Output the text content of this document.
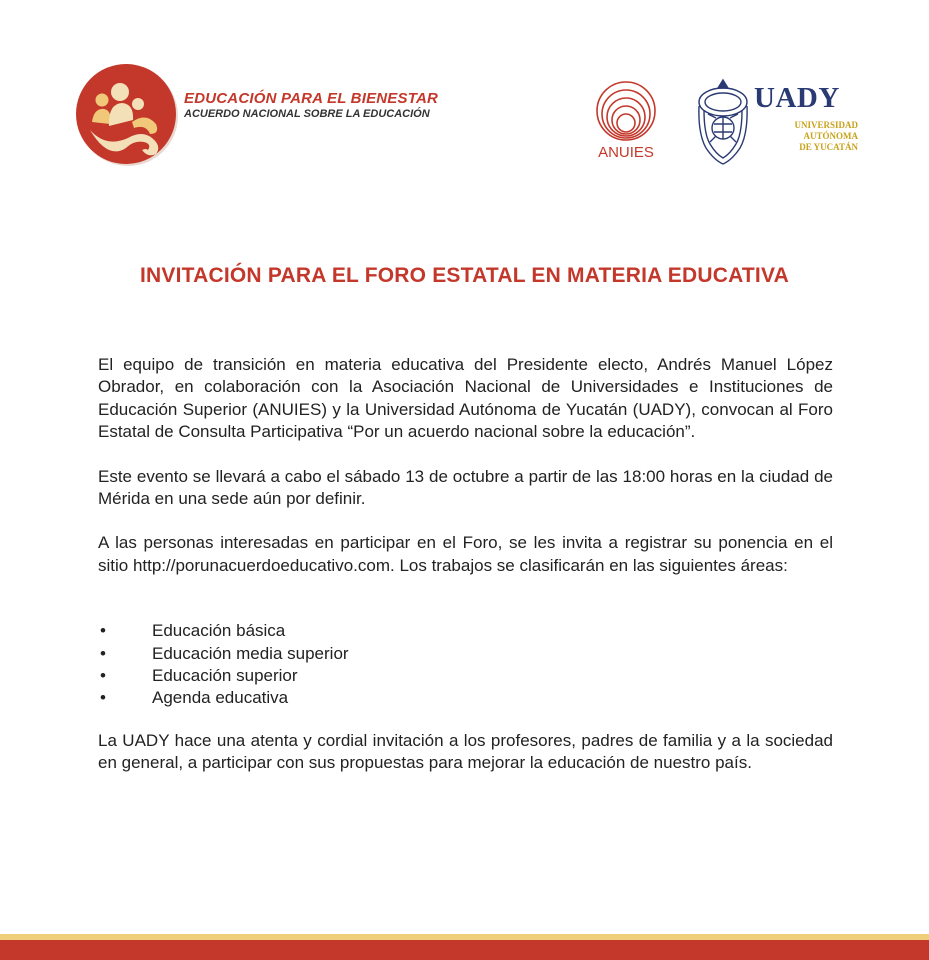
EDUCACIÓN PARA EL BIENESTAR
ACUERDO NACIONAL SOBRE LA EDUCACIÓN
ANUIES
UADY
UNIVERSIDAD
AUTÓNOMA
DE YUCATÁN
INVITACIÓN PARA EL FORO ESTATAL EN MATERIA EDUCATIVA

El equipo de transición en materia educativa del Presidente electo, Andrés Manuel López Obrador, en colaboración con la Asociación Nacional de Universidades e Instituciones de Educación Superior (ANUIES) y la Universidad Autónoma de Yucatán (UADY), convocan al Foro Estatal de Consulta Participativa “Por un acuerdo nacional sobre la educación”.

Este evento se llevará a cabo el sábado 13 de octubre a partir de las 18:00 horas en la ciudad de Mérida en una sede aún por definir.

A las personas interesadas en participar en el Foro, se les invita a registrar su ponencia en el sitio http://porunacuerdoeducativo.com. Los trabajos se clasificarán en las siguientes áreas:

•	Educación básica
•	Educación media superior
•	Educación superior
•	Agenda educativa

La UADY hace una atenta y cordial invitación a los profesores, padres de familia y a la sociedad en general, a participar con sus propuestas para mejorar la educación de nuestro país.
